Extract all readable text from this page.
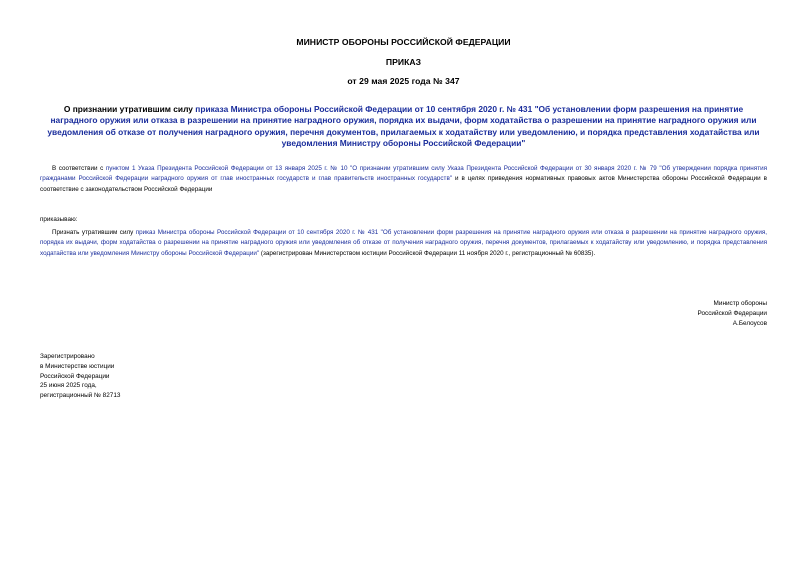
МИНИСТР ОБОРОНЫ РОССИЙСКОЙ ФЕДЕРАЦИИ
ПРИКАЗ
от 29 мая 2025 года № 347
О признании утратившим силу приказа Министра обороны Российской Федерации от 10 сентября 2020 г. № 431 "Об установлении форм разрешения на принятие наградного оружия или отказа в разрешении на принятие наградного оружия, порядка их выдачи, форм ходатайства о разрешении на принятие наградного оружия или уведомления об отказе от получения наградного оружия, перечня документов, прилагаемых к ходатайству или уведомлению, и порядка представления ходатайства или уведомления Министру обороны Российской Федерации"
В соответствии с пунктом 1 Указа Президента Российской Федерации от 13 января 2025 г. № 10 "О признании утратившим силу Указа Президента Российской Федерации от 30 января 2020 г. № 79 "Об утверждении порядка принятия гражданами Российской Федерации наградного оружия от глав иностранных государств и глав правительств иностранных государств" и в целях приведения нормативных правовых актов Министерства обороны Российской Федерации в соответствие с законодательством Российской Федерации
приказываю:
Признать утратившим силу приказ Министра обороны Российской Федерации от 10 сентября 2020 г. № 431 "Об установлении форм разрешения на принятие наградного оружия или отказа в разрешении на принятие наградного оружия, порядка их выдачи, форм ходатайства о разрешении на принятие наградного оружия или уведомления об отказе от получения наградного оружия, перечня документов, прилагаемых к ходатайству или уведомлению, и порядка представления ходатайства или уведомления Министру обороны Российской Федерации" (зарегистрирован Министерством юстиции Российской Федерации 11 ноября 2020 г., регистрационный № 60835).
Министр обороны
Российской Федерации
А.Белоусов
Зарегистрировано
в Министерстве юстиции
Российской Федерации
25 июня 2025 года,
регистрационный № 82713
